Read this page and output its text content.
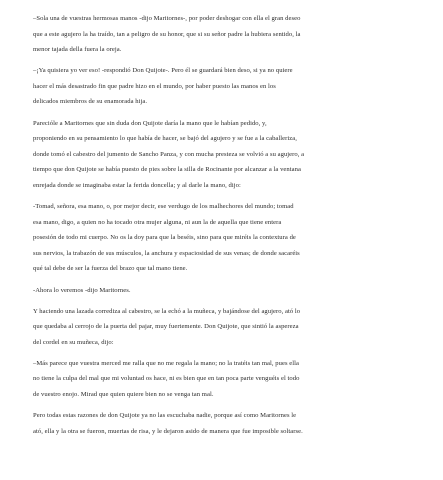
–Sola una de vuestras hermosas manos -dijo Maritornes-, por poder deshogar con ella el gran deseo
que a este agujero la ha traído, tan a peligro de su honor, que si su señor padre la hubiera sentido, la
menor tajada della fuera la oreja.

–¡Ya quisiera yo ver eso! -respondió Don Quijote-. Pero él se guardará bien deso, si ya no quiere
hacer el más desastrado fin que padre hizo en el mundo, por haber puesto las manos en los
delicados miembros de su enamorada hija.

Parecióle a Maritornes que sin duda don Quijote daría la mano que le habían pedido, y,
proponiendo en su pensamiento lo que había de hacer, se bajó del agujero y se fue a la caballeriza,
donde tomó el cabestro del jumento de Sancho Panza, y con mucha presteza se volvió a su agujero, a
tiempo que don Quijote se había puesto de pies sobre la silla de Rocinante por alcanzar a la ventana
enrejada donde se imaginaba estar la ferida doncella; y al darle la mano, dijo:

-Tomad, señora, esa mano, o, por mejor decir, ese verdugo de los malhechores del mundo; tomad
esa mano, digo, a quien no ha tocado otra mujer alguna, ni aun la de aquella que tiene entera
posesión de todo mi cuerpo. No os la doy para que la beséis, sino para que miréis la contextura de
sus nervios, la trabazón de sus músculos, la anchura y espaciosidad de sus venas; de donde sacaréis
qué tal debe de ser la fuerza del brazo que tal mano tiene.

-Ahora lo veremos -dijo Maritornes.

Y haciendo una lazada corrediza al cabestro, se la echó a la muñeca, y bajándose del agujero, ató lo
que quedaba al cerrojo de la puerta del pajar, muy fuertemente. Don Quijote, que sintió la aspereza
del cordel en su muñeca, dijo:

–Más parece que vuestra merced me ralla que no me regala la mano; no la tratéis tan mal, pues ella
no tiene la culpa del mal que mi voluntad os hace, ni es bien que en tan poca parte venguéis el todo
de vuestro enojo. Mirad que quien quiere bien no se venga tan mal.

Pero todas estas razones de don Quijote ya no las escuchaba nadie, porque así como Maritornes le
ató, ella y la otra se fueron, muertas de risa, y le dejaron asido de manera que fue imposible soltarse.
